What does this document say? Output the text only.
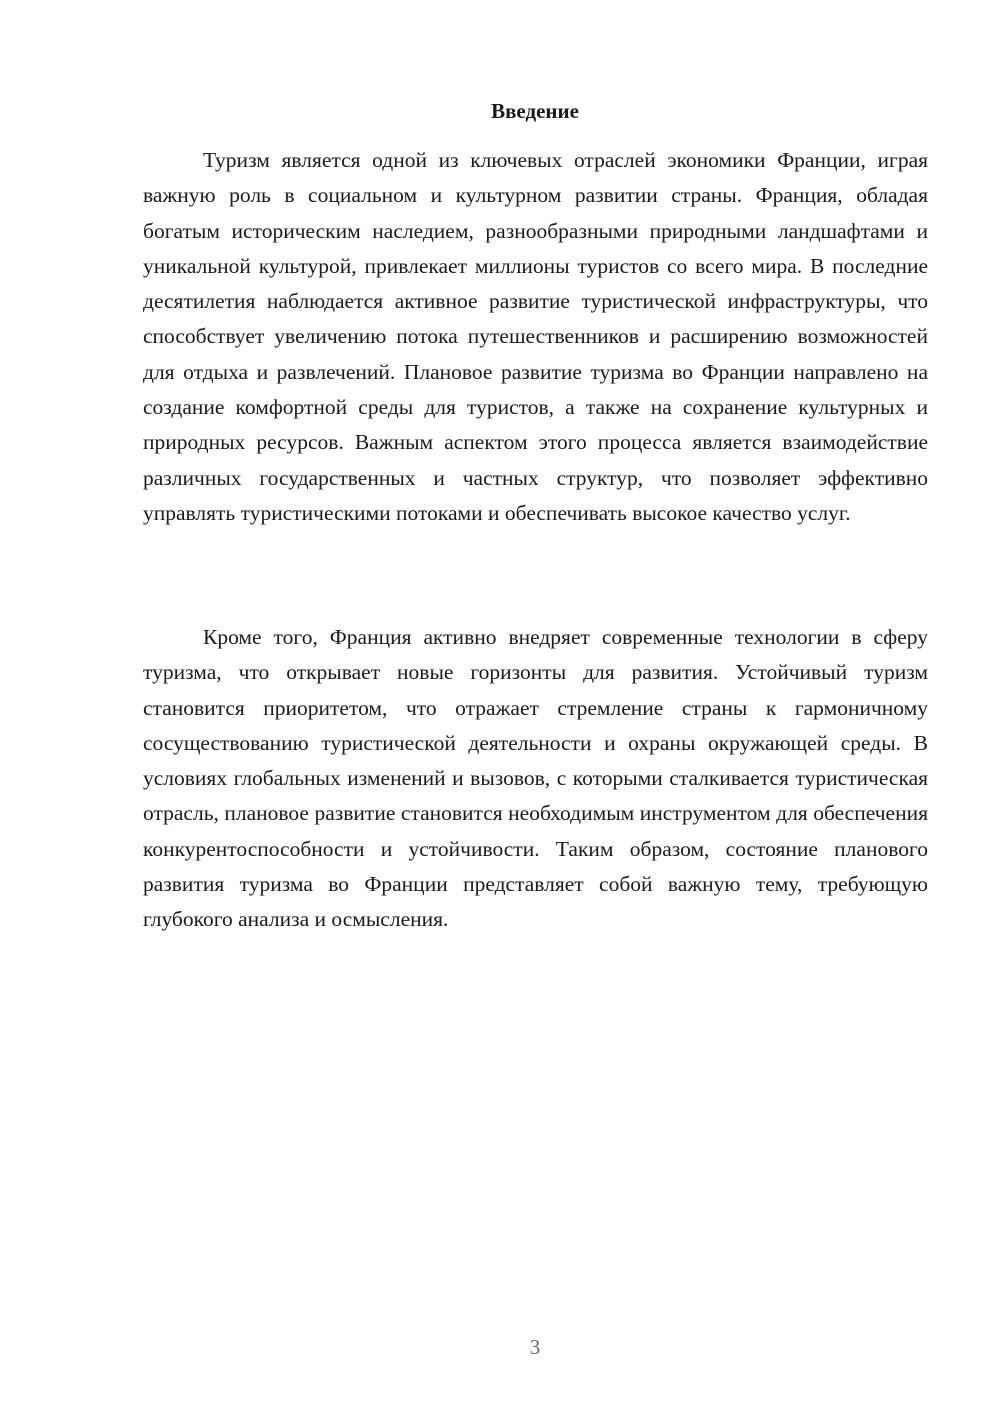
Введение

Туризм является одной из ключевых отраслей экономики Франции, играя важную роль в социальном и культурном развитии страны. Франция, обладая богатым историческим наследием, разнообразными природными ландшафтами и уникальной культурой, привлекает миллионы туристов со всего мира. В последние десятилетия наблюдается активное развитие туристической инфраструктуры, что способствует увеличению потока путешественников и расширению возможностей для отдыха и развлечений. Плановое развитие туризма во Франции направлено на создание комфортной среды для туристов, а также на сохранение культурных и природных ресурсов. Важным аспектом этого процесса является взаимодействие различных государственных и частных структур, что позволяет эффективно управлять туристическими потоками и обеспечивать высокое качество услуг.

Кроме того, Франция активно внедряет современные технологии в сферу туризма, что открывает новые горизонты для развития. Устойчивый туризм становится приоритетом, что отражает стремление страны к гармоничному сосуществованию туристической деятельности и охраны окружающей среды. В условиях глобальных изменений и вызовов, с которыми сталкивается туристическая отрасль, плановое развитие становится необходимым инструментом для обеспечения конкурентоспособности и устойчивости. Таким образом, состояние планового развития туризма во Франции представляет собой важную тему, требующую глубокого анализа и осмысления.

3
